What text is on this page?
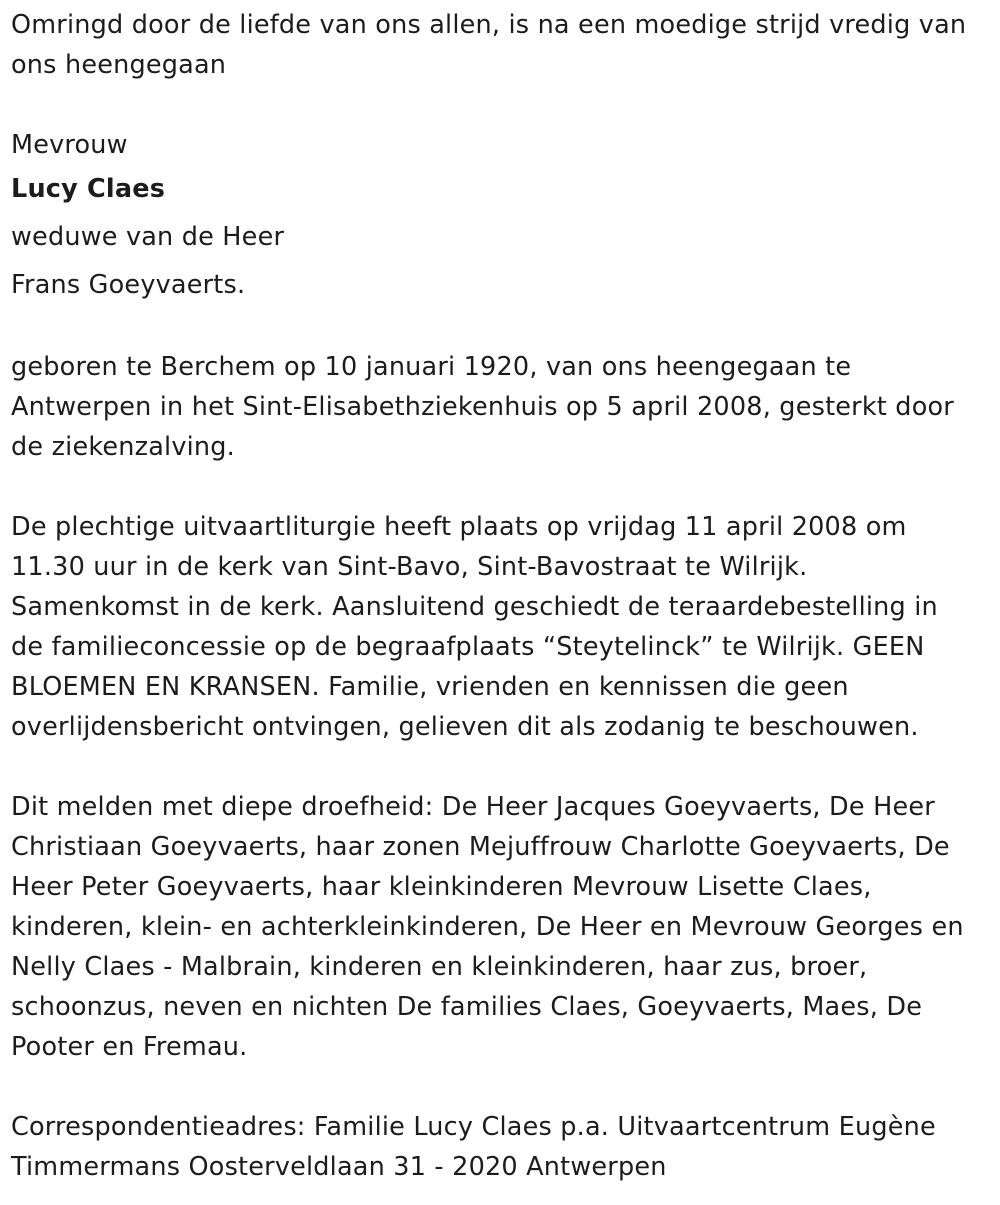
Omringd door de liefde van ons allen, is na een moedige strijd vredig van
ons heengegaan

Mevrouw
Lucy Claes
weduwe van de Heer
Frans Goeyvaerts.

geboren te Berchem op 10 januari 1920, van ons heengegaan te
Antwerpen in het Sint-Elisabethziekenhuis op 5 april 2008, gesterkt door
de ziekenzalving.

De plechtige uitvaartliturgie heeft plaats op vrijdag 11 april 2008 om
11.30 uur in de kerk van Sint-Bavo, Sint-Bavostraat te Wilrijk.
Samenkomst in de kerk. Aansluitend geschiedt de teraardebestelling in
de familieconcessie op de begraafplaats “Steytelinck” te Wilrijk. GEEN
BLOEMEN EN KRANSEN. Familie, vrienden en kennissen die geen
overlijdensbericht ontvingen, gelieven dit als zodanig te beschouwen.

Dit melden met diepe droefheid: De Heer Jacques Goeyvaerts, De Heer
Christiaan Goeyvaerts, haar zonen Mejuffrouw Charlotte Goeyvaerts, De
Heer Peter Goeyvaerts, haar kleinkinderen Mevrouw Lisette Claes,
kinderen, klein- en achterkleinkinderen, De Heer en Mevrouw Georges en
Nelly Claes - Malbrain, kinderen en kleinkinderen, haar zus, broer,
schoonzus, neven en nichten De families Claes, Goeyvaerts, Maes, De
Pooter en Fremau.

Correspondentieadres: Familie Lucy Claes p.a. Uitvaartcentrum Eugène
Timmermans Oosterveldlaan 31 - 2020 Antwerpen
